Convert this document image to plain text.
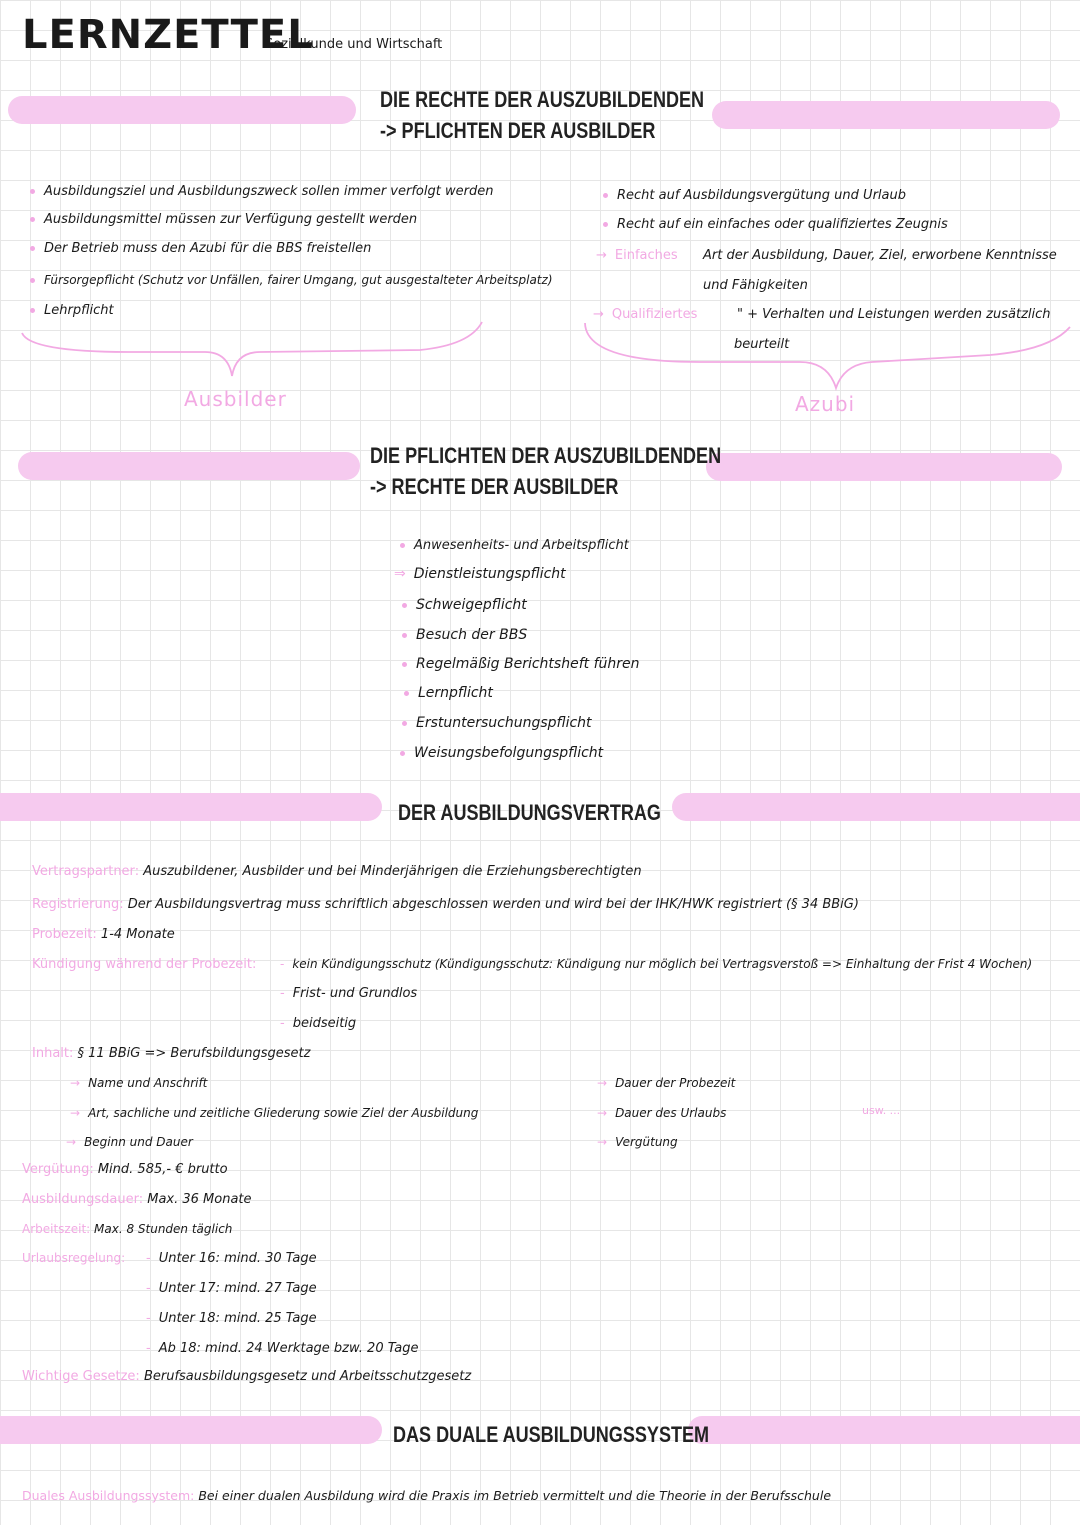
LERNZETTEL
Sozialkunde und Wirtschaft
DIE RECHTE DER AUSZUBILDENDEN
-> PFLICHTEN DER AUSBILDER
Ausbildungsziel und Ausbildungszweck sollen immer verfolgt werden
Ausbildungsmittel müssen zur Verfügung gestellt werden
Der Betrieb muss den Azubi für die BBS freistellen
Fürsorgepflicht (Schutz vor Unfällen, fairer Umgang, gut ausgestalteter Arbeitsplatz)
Lehrpflicht
Ausbilder
Recht auf Ausbildungsvergütung und Urlaub
Recht auf ein einfaches oder qualifiziertes Zeugnis
→ Einfaches Art der Ausbildung, Dauer, Ziel, erworbene Kenntnisse
und Fähigkeiten
→ Qualifiziertes	" + Verhalten und Leistungen werden zusätzlich
beurteilt
Azubi
DIE PFLICHTEN DER AUSZUBILDENDEN
-> RECHTE DER AUSBILDER
Anwesenheits- und Arbeitspflicht
⇒ Dienstleistungspflicht
Schweigepflicht
Besuch der BBS
Regelmäßig Berichtsheft führen
Lernpflicht
Erstuntersuchungspflicht
Weisungsbefolgungspflicht
DER AUSBILDUNGSVERTRAG
Vertragspartner: Auszubildener, Ausbilder und bei Minderjährigen die Erziehungsberechtigten
Registrierung: Der Ausbildungsvertrag muss schriftlich abgeschlossen werden und wird bei der IHK/HWK registriert (§ 34 BBiG)
Probezeit: 1-4 Monate
Kündigung während der Probezeit: - kein Kündigungsschutz (Kündigungsschutz: Kündigung nur möglich bei Vertragsverstoß => Einhaltung der Frist 4 Wochen)
- Frist- und Grundlos
- beidseitig
Inhalt: § 11 BBiG => Berufsbildungsgesetz
→ Name und Anschrift
→ Art, sachliche und zeitliche Gliederung sowie Ziel der Ausbildung
→ Beginn und Dauer
→ Dauer der Probezeit
→ Dauer des Urlaubs
→ Vergütung
usw. ...
Vergütung: Mind. 585,- € brutto
Ausbildungsdauer: Max. 36 Monate
Arbeitszeit: Max. 8 Stunden täglich
Urlaubsregelung: - Unter 16: mind. 30 Tage
- Unter 17: mind. 27 Tage
- Unter 18: mind. 25 Tage
- Ab 18: mind. 24 Werktage bzw. 20 Tage
Wichtige Gesetze: Berufsausbildungsgesetz und Arbeitsschutzgesetz
DAS DUALE AUSBILDUNGSSYSTEM
Duales Ausbildungssystem: Bei einer dualen Ausbildung wird die Praxis im Betrieb vermittelt und die Theorie in der Berufsschule
